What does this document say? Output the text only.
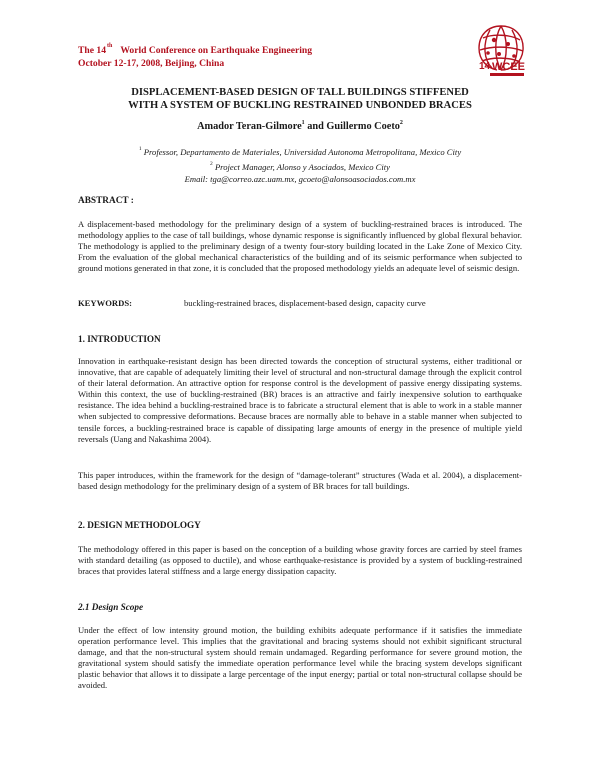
The 14th World Conference on Earthquake Engineering
October 12-17, 2008, Beijing, China	14 WCEE
DISPLACEMENT-BASED DESIGN OF TALL BUILDINGS STIFFENED
WITH A SYSTEM OF BUCKLING RESTRAINED UNBONDED BRACES
Amador Teran-Gilmore$^1$ and Guillermo Coeto$^2$
$^1$ Professor, Departamento de Materiales, Universidad Autonoma Metropolitana, Mexico City
$^2$ Project Manager, Alonso y Asociados, Mexico City
Email: tga@correo.azc.uam.mx, gcoeto@alonsoasociados.com.mx
ABSTRACT :

A displacement-based methodology for the preliminary design of a system of buckling-restrained braces is introduced. The methodology applies to the case of tall buildings, whose dynamic response is significantly influenced by global flexural behavior. The methodology is applied to the preliminary design of a twenty four-story building located in the Lake Zone of Mexico City. From the evaluation of the global mechanical characteristics of the building and of its seismic performance when subjected to ground motions generated in that zone, it is concluded that the proposed methodology yields an adequate level of seismic design.

KEYWORDS:	buckling-restrained braces, displacement-based design, capacity curve
1. INTRODUCTION

Innovation in earthquake-resistant design has been directed towards the conception of structural systems, either traditional or innovative, that are capable of adequately limiting their level of structural and non-structural damage through the explicit control of their lateral deformation. An attractive option for response control is the development of passive energy dissipating systems. Within this context, the use of buckling-restrained (BR) braces is an attractive and fairly inexpensive solution to earthquake resistance. The idea behind a buckling-restrained brace is to fabricate a structural element that is able to work in a stable manner when subjected to compressive deformations. Because braces are normally able to behave in a stable manner when subjected to tensile forces, a buckling-restrained brace is capable of dissipating large amounts of energy in the presence of multiple yield reversals (Uang and Nakashima 2004).

This paper introduces, within the framework for the design of “damage-tolerant” structures (Wada et al. 2004), a displacement-based design methodology for the preliminary design of a system of BR braces for tall buildings.

2. DESIGN METHODOLOGY

The methodology offered in this paper is based on the conception of a building whose gravity forces are carried by steel frames with standard detailing (as opposed to ductile), and whose earthquake-resistance is provided by a system of buckling-restrained braces that provides lateral stiffness and a large energy dissipation capacity.

2.1 Design Scope

Under the effect of low intensity ground motion, the building exhibits adequate performance if it satisfies the immediate operation performance level. This implies that the gravitational and bracing systems should not exhibit significant structural damage, and that the non-structural system should remain undamaged. Regarding performance for severe ground motion, the gravitational system should satisfy the immediate operation performance level while the bracing system develops significant plastic behavior that allows it to dissipate a large percentage of the input energy; partial or total non-structural collapse should be avoided.
